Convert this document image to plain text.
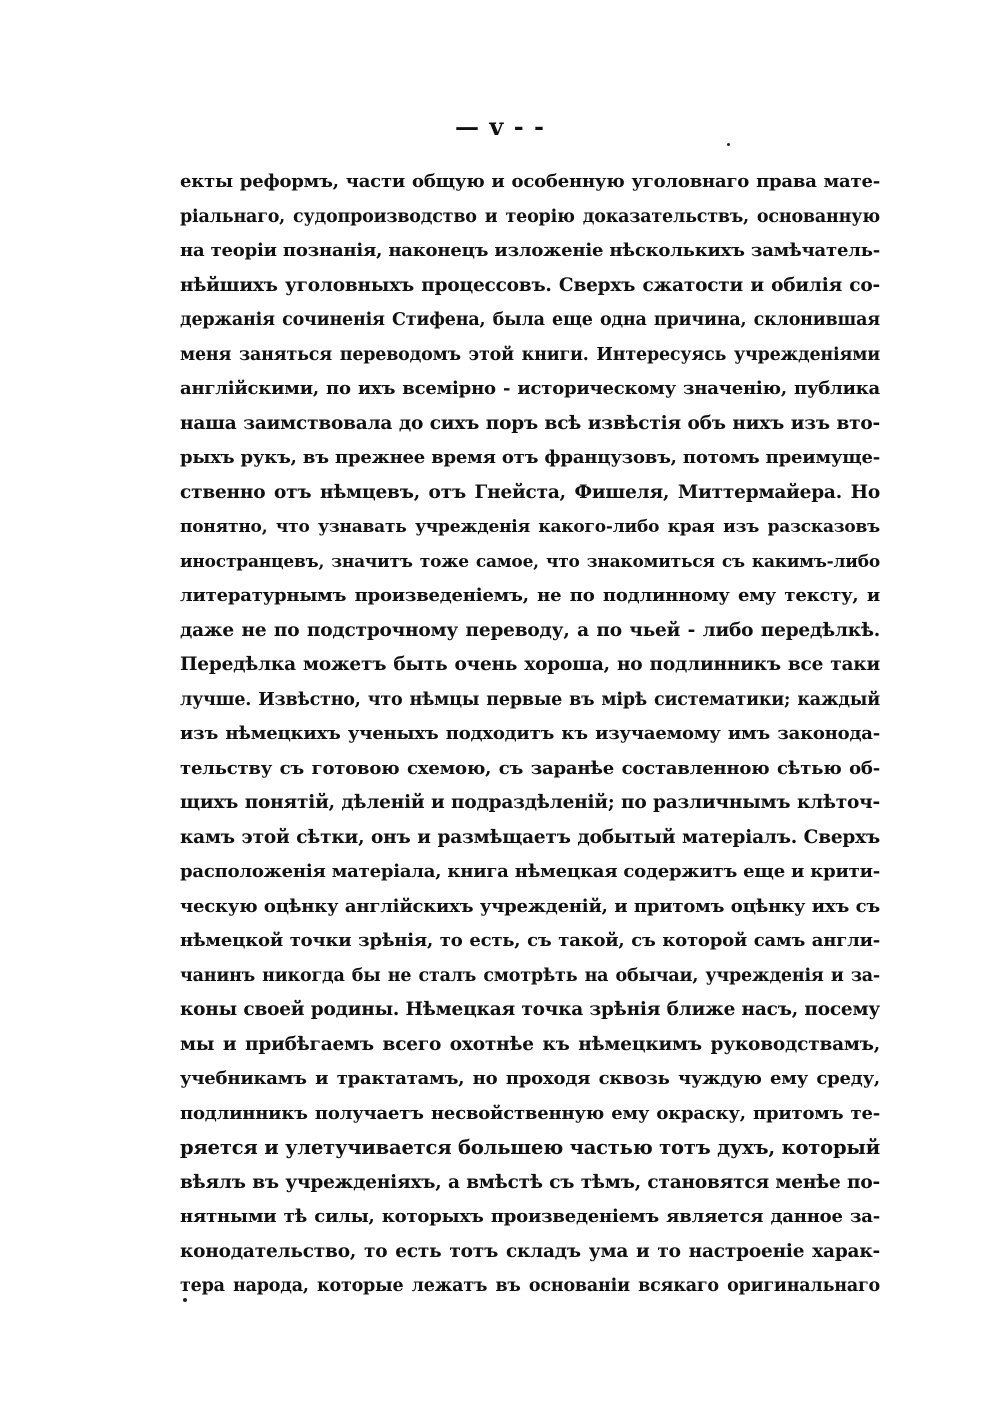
— v - -
екты реформъ, части общую и особенную уголовнаго права мате-
ріальнаго, судопроизводство и теорію доказательствъ, основанную
на теоріи познанія, наконецъ изложеніе нѣсколькихъ замѣчатель-
нѣйшихъ уголовныхъ процессовъ. Сверхъ сжатости и обилія со-
держанія сочиненія Стифена, была еще одна причина, склонившая
меня заняться переводомъ этой книги. Интересуясь учрежденіями
англійскими, по ихъ всемірно - историческому значенію, публика
наша заимствовала до сихъ поръ всѣ извѣстія объ нихъ изъ вто-
рыхъ рукъ, въ прежнее время отъ французовъ, потомъ преимуще-
ственно отъ нѣмцевъ, отъ Гнейста, Фишеля, Миттермайера. Но
понятно, что узнавать учрежденія какого-либо края изъ разсказовъ
иностранцевъ, значитъ тоже самое, что знакомиться съ какимъ-либо
литературнымъ произведеніемъ, не по подлинному ему тексту, и
даже не по подстрочному переводу, а по чьей - либо передѣлкѣ.
Передѣлка можетъ быть очень хороша, но подлинникъ все таки
лучше. Извѣстно, что нѣмцы первые въ мірѣ систематики; каждый
изъ нѣмецкихъ ученыхъ подходитъ къ изучаемому имъ законода-
тельству съ готовою схемою, съ заранѣе составленною сѣтью об-
щихъ понятій, дѣленій и подраздѣленій; по различнымъ клѣточ-
камъ этой сѣтки, онъ и размѣщаетъ добытый матеріалъ. Сверхъ
расположенія матеріала, книга нѣмецкая содержитъ еще и крити-
ческую оцѣнку англійскихъ учрежденій, и притомъ оцѣнку ихъ съ
нѣмецкой точки зрѣнія, то есть, съ такой, съ которой самъ англи-
чанинъ никогда бы не сталъ смотрѣть на обычаи, учрежденія и за-
коны своей родины. Нѣмецкая точка зрѣнія ближе насъ, посему
мы и прибѣгаемъ всего охотнѣе къ нѣмецкимъ руководствамъ,
учебникамъ и трактатамъ, но проходя сквозь чуждую ему среду,
подлинникъ получаетъ несвойственную ему окраску, притомъ те-
ряется и улетучивается большею частью тотъ духъ, который
вѣялъ въ учрежденіяхъ, а вмѣстѣ съ тѣмъ, становятся менѣе по-
нятными тѣ силы, которыхъ произведеніемъ является данное за-
конодательство, то есть тотъ складъ ума и то настроеніе харак-
тера народа, которые лежатъ въ основаніи всякаго оригинальнаго
